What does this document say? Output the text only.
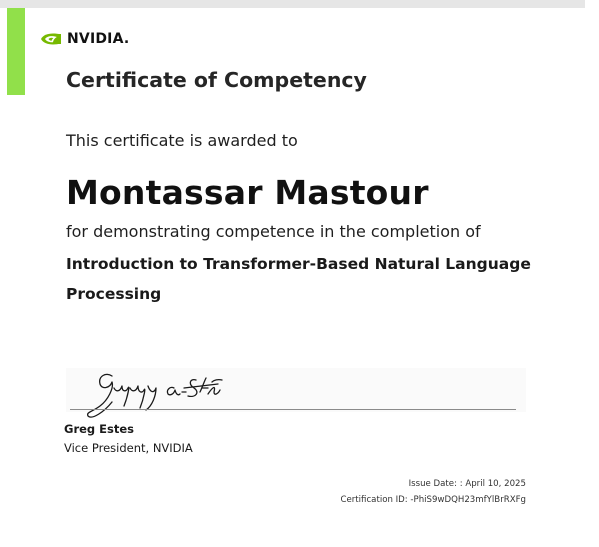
NVIDIA.
Certificate of Competency
This certificate is awarded to
Montassar Mastour
for demonstrating competence in the completion of
Introduction to Transformer-Based Natural Language Processing
Greg Estes
Vice President, NVIDIA
Issue Date: : April 10, 2025
Certification ID: -PhiS9wDQH23mfYlBrRXFg
